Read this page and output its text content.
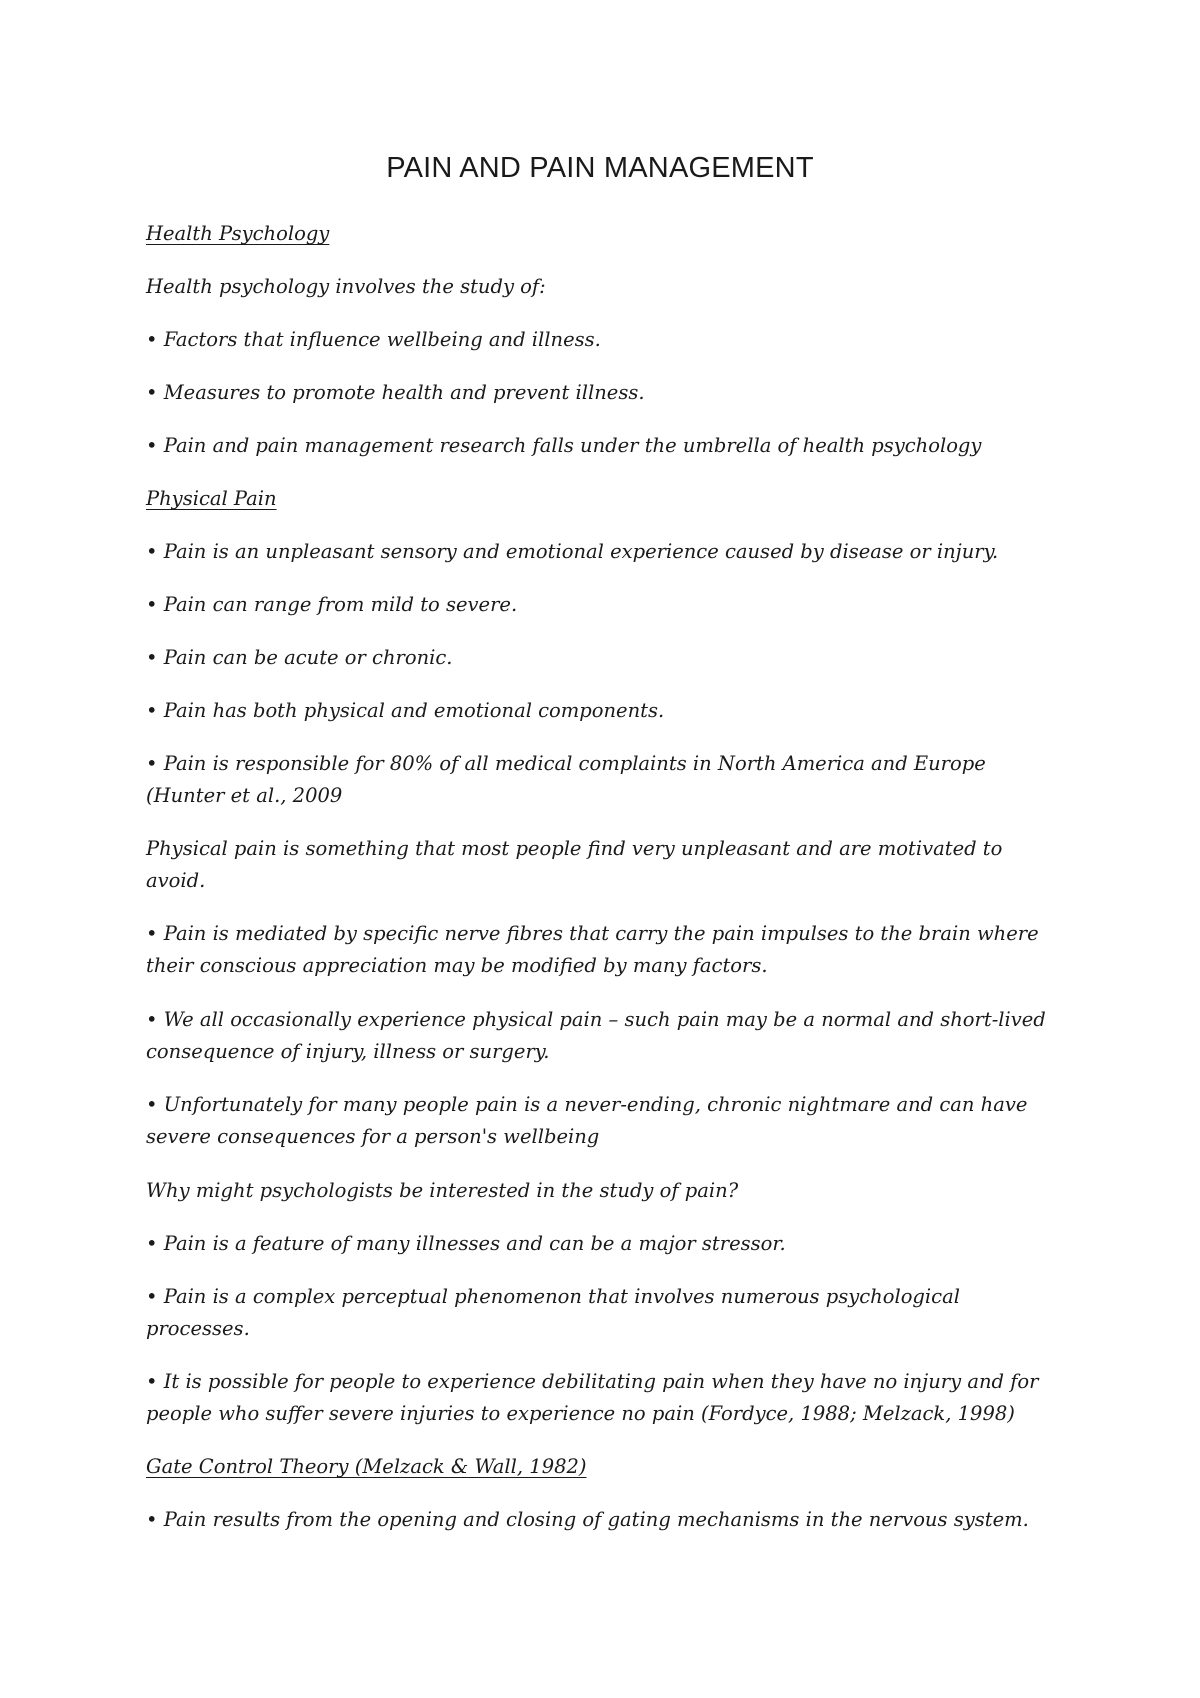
PAIN AND PAIN MANAGEMENT

Health Psychology

Health psychology involves the study of:

• Factors that influence wellbeing and illness.

• Measures to promote health and prevent illness.

• Pain and pain management research falls under the umbrella of health psychology

Physical Pain

• Pain is an unpleasant sensory and emotional experience caused by disease or injury.

• Pain can range from mild to severe.

• Pain can be acute or chronic.

• Pain has both physical and emotional components.

• Pain is responsible for 80% of all medical complaints in North America and Europe

(Hunter et al., 2009

Physical pain is something that most people find very unpleasant and are motivated to

avoid.

• Pain is mediated by specific nerve fibres that carry the pain impulses to the brain where

their conscious appreciation may be modified by many factors.

• We all occasionally experience physical pain – such pain may be a normal and short-lived

consequence of injury, illness or surgery.

• Unfortunately for many people pain is a never-ending, chronic nightmare and can have

severe consequences for a person's wellbeing

Why might psychologists be interested in the study of pain?

• Pain is a feature of many illnesses and can be a major stressor.

• Pain is a complex perceptual phenomenon that involves numerous psychological

processes.

• It is possible for people to experience debilitating pain when they have no injury and for

people who suffer severe injuries to experience no pain (Fordyce, 1988; Melzack, 1998)

Gate Control Theory (Melzack & Wall, 1982)

• Pain results from the opening and closing of gating mechanisms in the nervous system.
